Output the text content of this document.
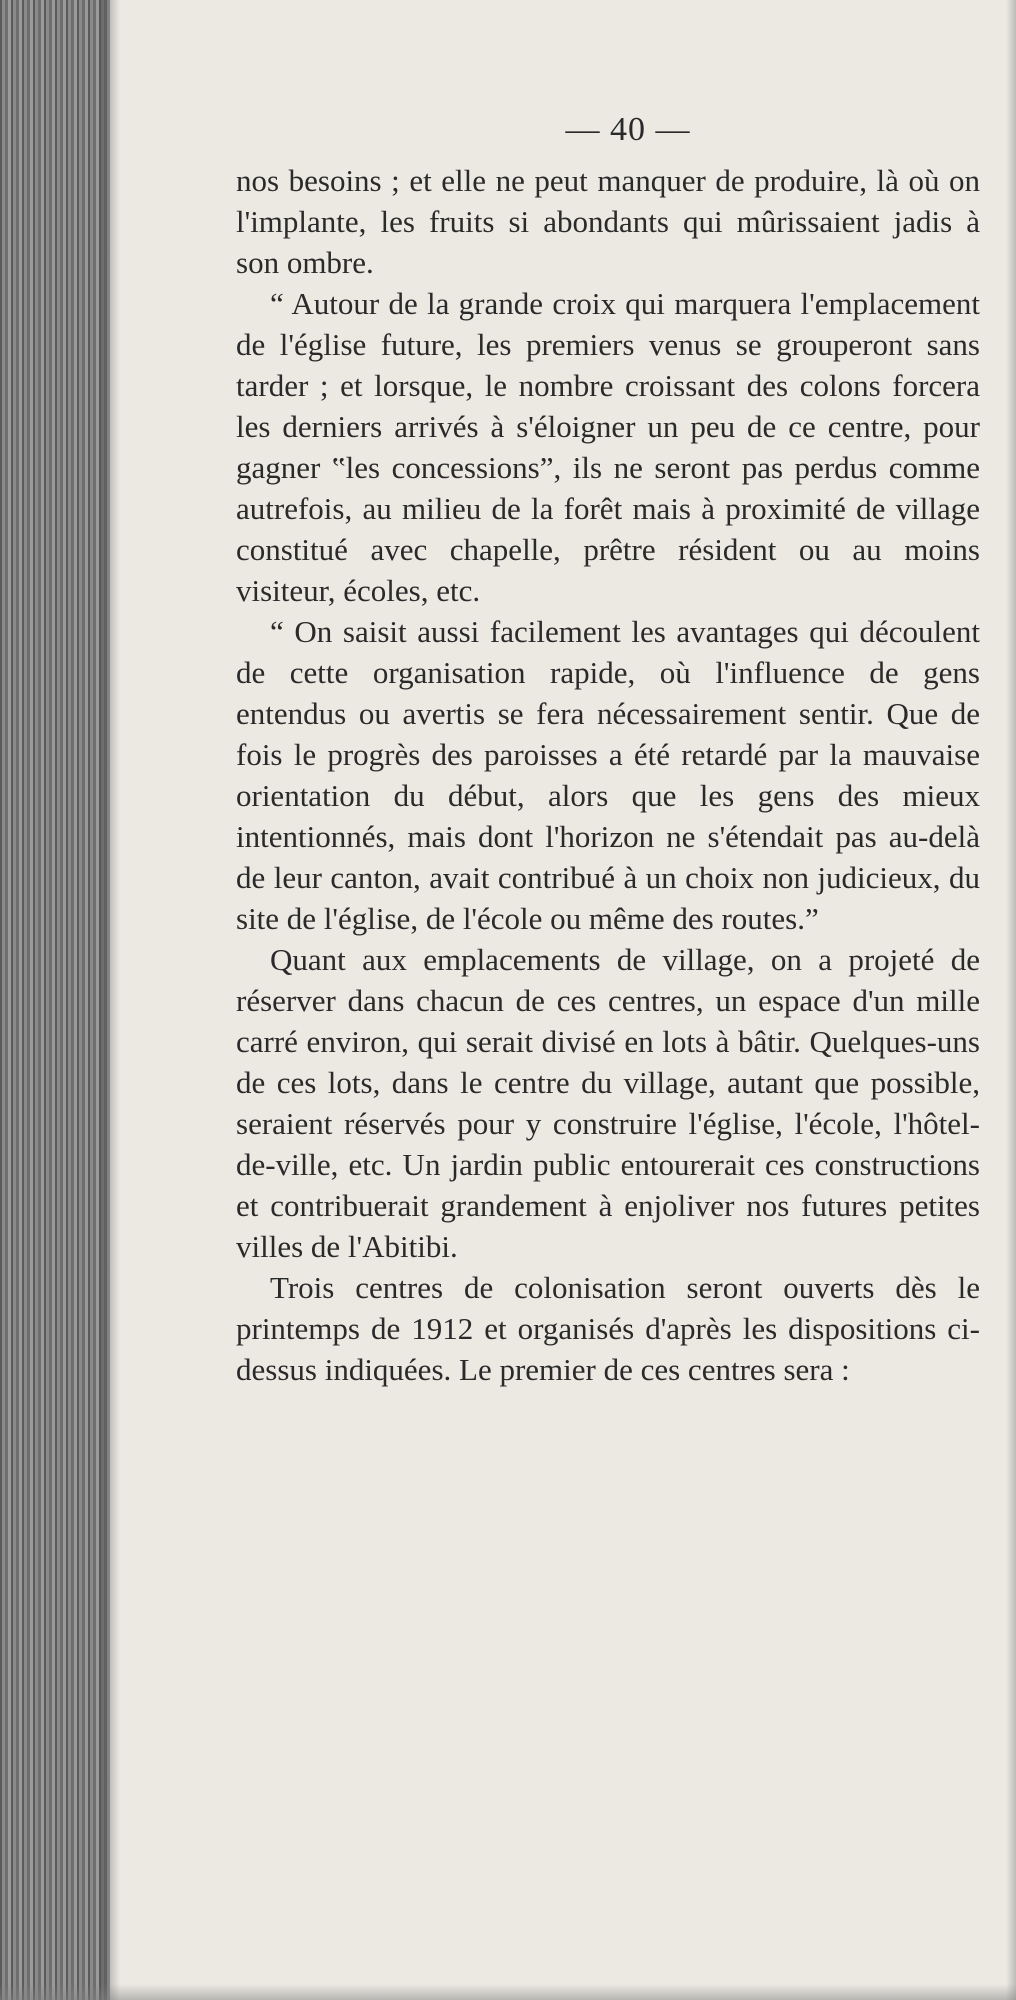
— 40 —

nos besoins ; et elle ne peut manquer de produire, là où on l'implante, les fruits si abondants qui mûrissaient jadis à son ombre.

“ Autour de la grande croix qui marquera l'emplacement de l'église future, les premiers venus se grouperont sans tarder ; et lorsque, le nombre croissant des colons forcera les derniers arrivés à s'éloigner un peu de ce centre, pour gagner ‟les concessions”, ils ne seront pas perdus comme autrefois, au milieu de la forêt mais à proximité de village constitué avec chapelle, prêtre résident ou au moins visiteur, écoles, etc.

“ On saisit aussi facilement les avantages qui découlent de cette organisation rapide, où l'influence de gens entendus ou avertis se fera nécessairement sentir. Que de fois le progrès des paroisses a été retardé par la mauvaise orientation du début, alors que les gens des mieux intentionnés, mais dont l'horizon ne s'étendait pas au-delà de leur canton, avait contribué à un choix non judicieux, du site de l'église, de l'école ou même des routes.”

Quant aux emplacements de village, on a projeté de réserver dans chacun de ces centres, un espace d'un mille carré environ, qui serait divisé en lots à bâtir. Quelques-uns de ces lots, dans le centre du village, autant que possible, seraient réservés pour y construire l'église, l'école, l'hôtel-de-ville, etc. Un jardin public entourerait ces constructions et contribuerait grandement à enjoliver nos futures petites villes de l'Abitibi.

Trois centres de colonisation seront ouverts dès le printemps de 1912 et organisés d'après les dispositions ci-dessus indiquées. Le premier de ces centres sera :
